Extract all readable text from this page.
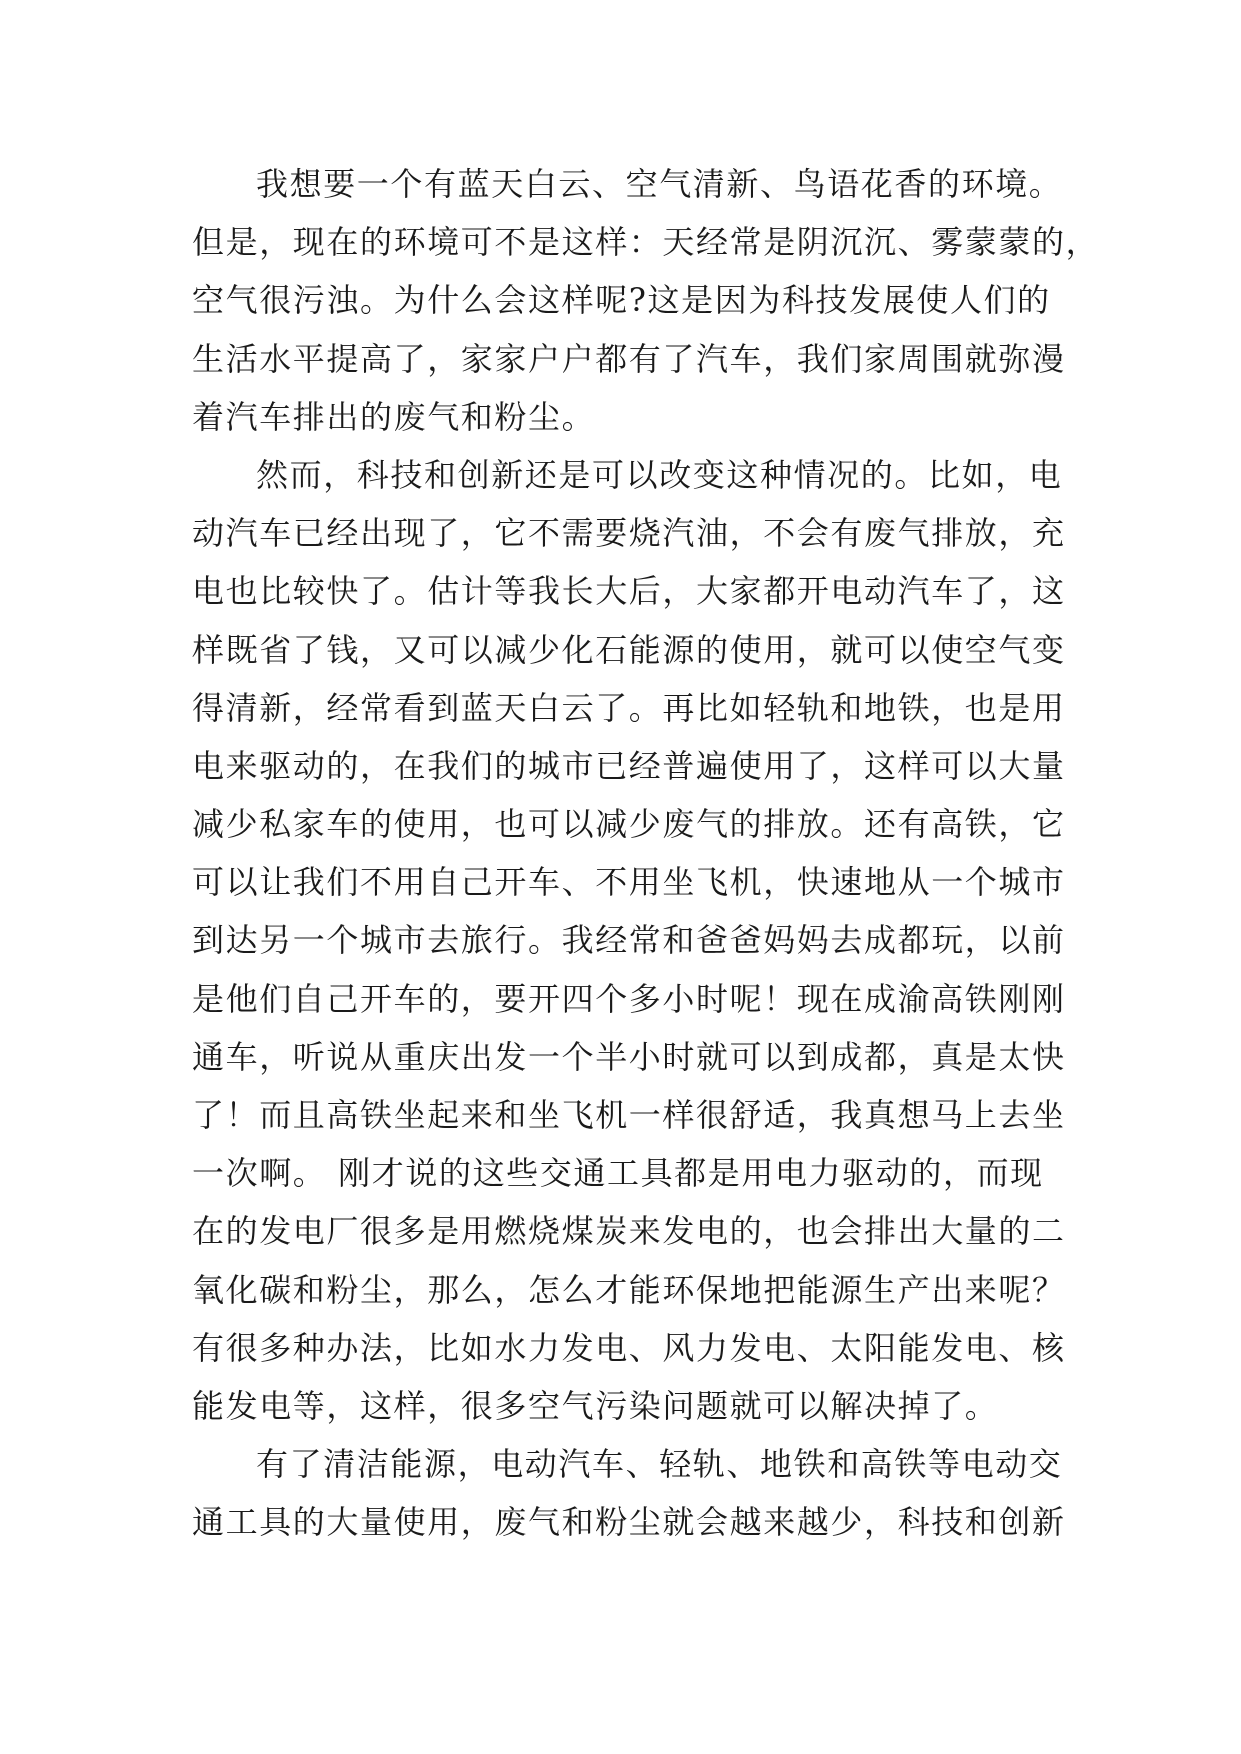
我想要一个有蓝天白云、空气清新、鸟语花香的环境。
但是，现在的环境可不是这样：天经常是阴沉沉、雾蒙蒙的，
空气很污浊。为什么会这样呢?这是因为科技发展使人们的
生活水平提高了，家家户户都有了汽车，我们家周围就弥漫
着汽车排出的废气和粉尘。
然而，科技和创新还是可以改变这种情况的。比如，电
动汽车已经出现了，它不需要烧汽油，不会有废气排放，充
电也比较快了。估计等我长大后，大家都开电动汽车了，这
样既省了钱，又可以减少化石能源的使用，就可以使空气变
得清新，经常看到蓝天白云了。再比如轻轨和地铁，也是用
电来驱动的，在我们的城市已经普遍使用了，这样可以大量
减少私家车的使用，也可以减少废气的排放。还有高铁，它
可以让我们不用自己开车、不用坐飞机，快速地从一个城市
到达另一个城市去旅行。我经常和爸爸妈妈去成都玩，以前
是他们自己开车的，要开四个多小时呢！现在成渝高铁刚刚
通车，听说从重庆出发一个半小时就可以到成都，真是太快
了！而且高铁坐起来和坐飞机一样很舒适，我真想马上去坐
一次啊。 刚才说的这些交通工具都是用电力驱动的，而现
在的发电厂很多是用燃烧煤炭来发电的，也会排出大量的二
氧化碳和粉尘，那么，怎么才能环保地把能源生产出来呢？
有很多种办法，比如水力发电、风力发电、太阳能发电、核
能发电等，这样，很多空气污染问题就可以解决掉了。
有了清洁能源，电动汽车、轻轨、地铁和高铁等电动交
通工具的大量使用，废气和粉尘就会越来越少，科技和创新
